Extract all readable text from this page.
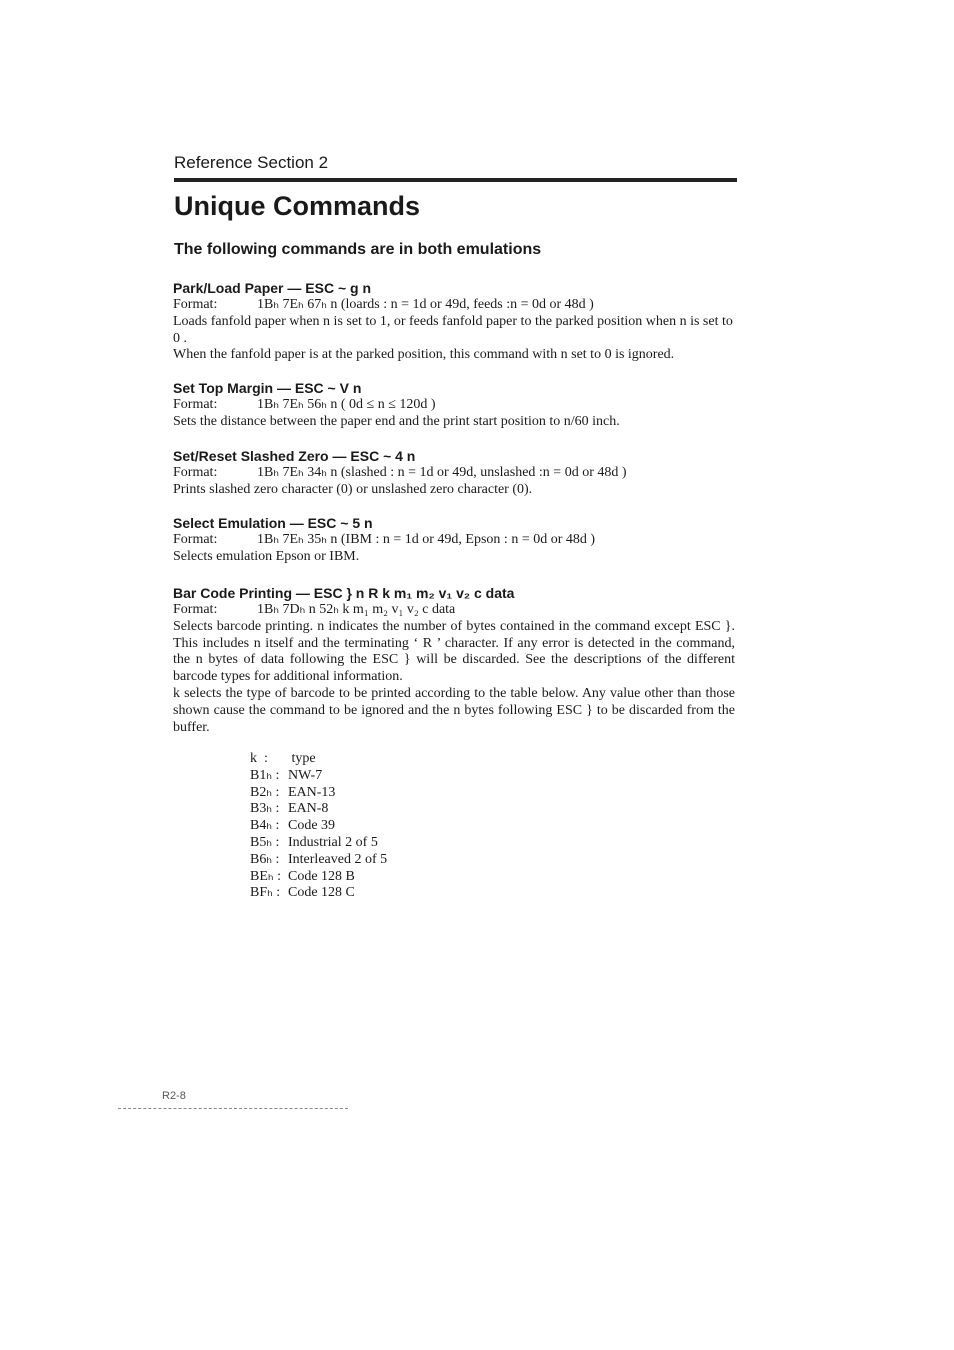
Reference Section 2
Unique Commands
The following commands are in both emulations
Park/Load Paper — ESC ~ g n

Format:	1Bₕ 7Eₕ 67ₕ n (loards : n = 1d or 49d, feeds :n = 0d or 48d )

Loads fanfold paper when n is set to 1, or feeds fanfold paper to the parked position when n is set to 0 .

When the fanfold paper is at the parked position, this command with n set to 0 is ignored.

Set Top Margin — ESC ~ V n

Format:	1Bₕ 7Eₕ 56ₕ n ( 0d ≤ n ≤ 120d )

Sets the distance between the paper end and the print start position to n/60 inch.

Set/Reset Slashed Zero — ESC ~ 4 n

Format:	1Bₕ 7Eₕ 34ₕ n (slashed : n = 1d or 49d, unslashed :n = 0d or 48d )

Prints slashed zero character (0) or unslashed zero character (0).

Select Emulation — ESC ~ 5 n

Format:	1Bₕ 7Eₕ 35ₕ n (IBM : n = 1d or 49d, Epson : n = 0d or 48d )

Selects emulation Epson or IBM.

Bar Code Printing — ESC } n R k m₁ m₂ v₁ v₂ c data

Format:	1Bₕ 7Dₕ n 52ₕ k m₁ m₂ v₁ v₂ c data

Selects barcode printing. n indicates the number of bytes contained in the command except ESC }. This includes n itself and the terminating ‘ R ’ character. If any error is detected in the command, the n bytes of data following the ESC } will be discarded. See the descriptions of the different barcode types for additional information.

k selects the type of barcode to be printed according to the table below. Any value other than those shown cause the command to be ignored and the n bytes following ESC } to be discarded from the buffer.

k : type
B1ₕ : NW-7
B2ₕ : EAN-13
B3ₕ : EAN-8
B4ₕ : Code 39
B5ₕ : Industrial 2 of 5
B6ₕ : Interleaved 2 of 5
BEₕ : Code 128 B
BFₕ : Code 128 C
R2-8
